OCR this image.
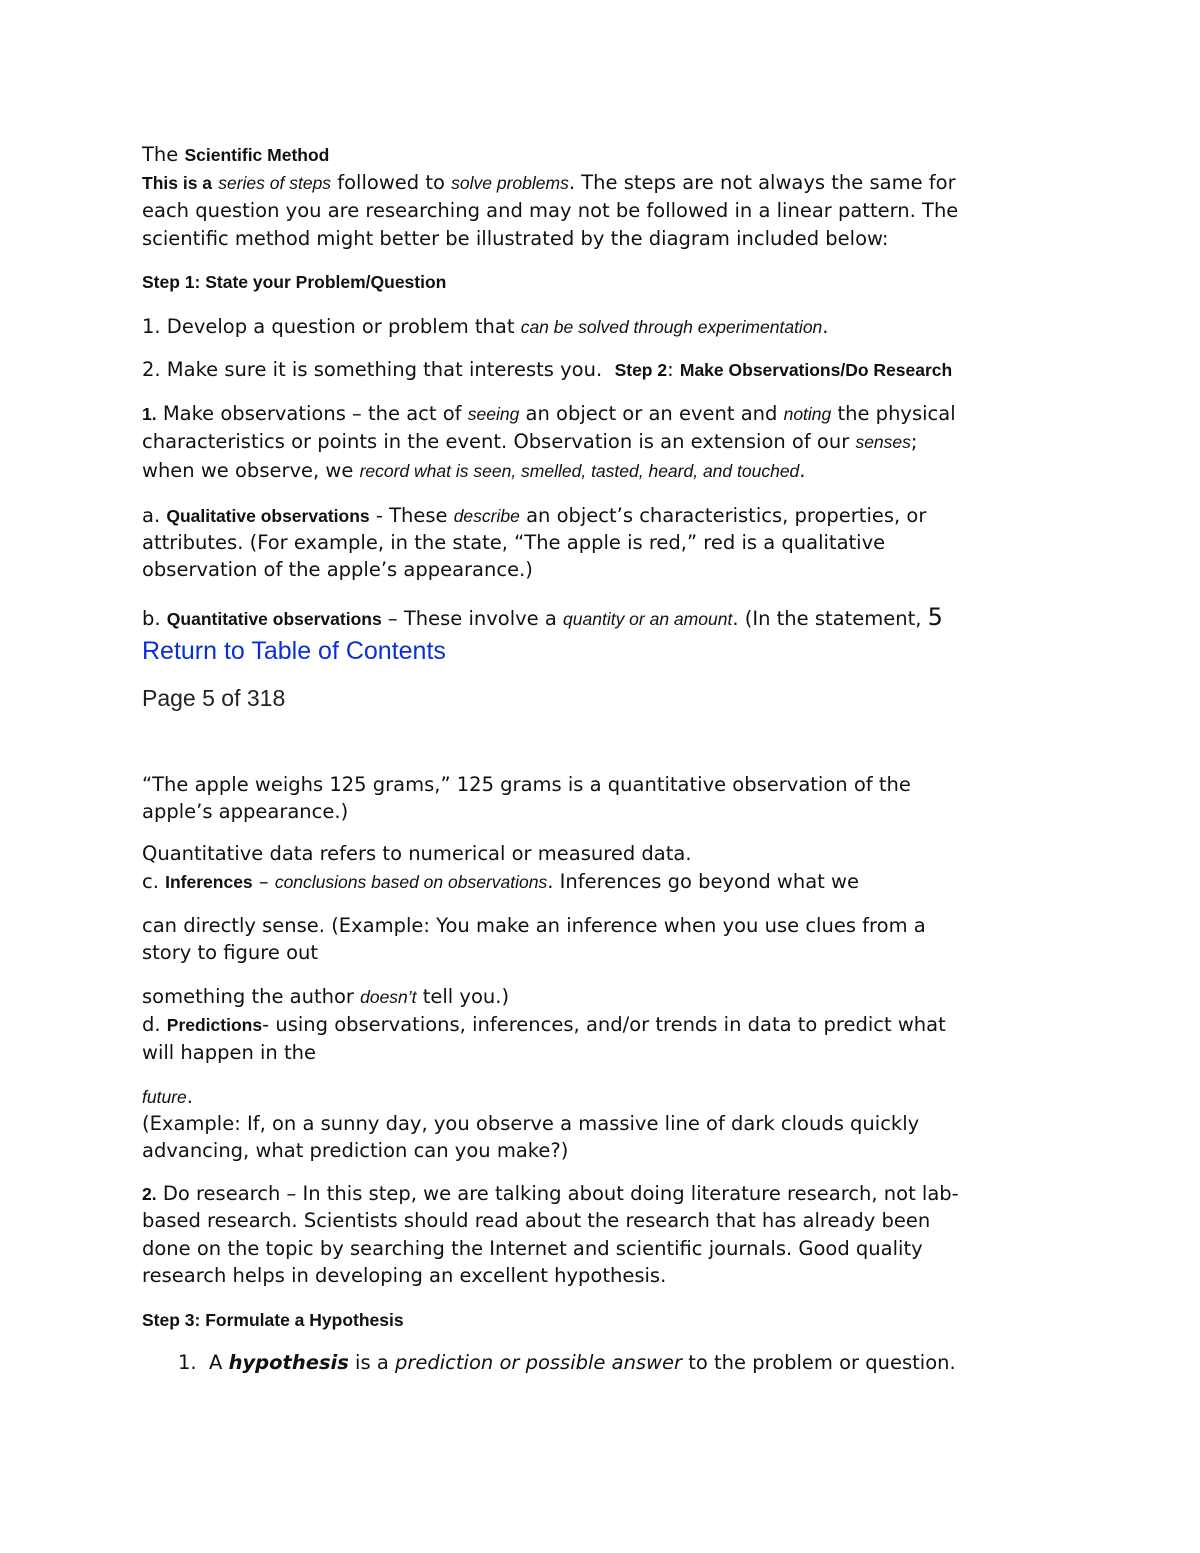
The Scientific Method
This is a series of steps followed to solve problems. The steps are not always the same for
each question you are researching and may not be followed in a linear pattern. The
scientific method might better be illustrated by the diagram included below:
Step 1: State your Problem/Question
1. Develop a question or problem that can be solved through experimentation.
2. Make sure it is something that interests you. Step 2: Make Observations/Do Research
1. Make observations – the act of seeing an object or an event and noting the physical
characteristics or points in the event. Observation is an extension of our senses;
when we observe, we record what is seen, smelled, tasted, heard, and touched.
a. Qualitative observations - These describe an object’s characteristics, properties, or
attributes. (For example, in the state, “The apple is red,” red is a qualitative
observation of the apple’s appearance.)
b. Quantitative observations – These involve a quantity or an amount. (In the statement, 5
Return to Table of Contents
Page 5 of 318
“The apple weighs 125 grams,” 125 grams is a quantitative observation of the
apple’s appearance.)
Quantitative data refers to numerical or measured data.
c. Inferences – conclusions based on observations. Inferences go beyond what we
can directly sense. (Example: You make an inference when you use clues from a
story to figure out
something the author doesn’t tell you.)
d. Predictions- using observations, inferences, and/or trends in data to predict what
will happen in the
future.
(Example: If, on a sunny day, you observe a massive line of dark clouds quickly
advancing, what prediction can you make?)
2. Do research – In this step, we are talking about doing literature research, not lab-
based research. Scientists should read about the research that has already been
done on the topic by searching the Internet and scientific journals. Good quality
research helps in developing an excellent hypothesis.
Step 3: Formulate a Hypothesis
1. A hypothesis is a prediction or possible answer to the problem or question.
